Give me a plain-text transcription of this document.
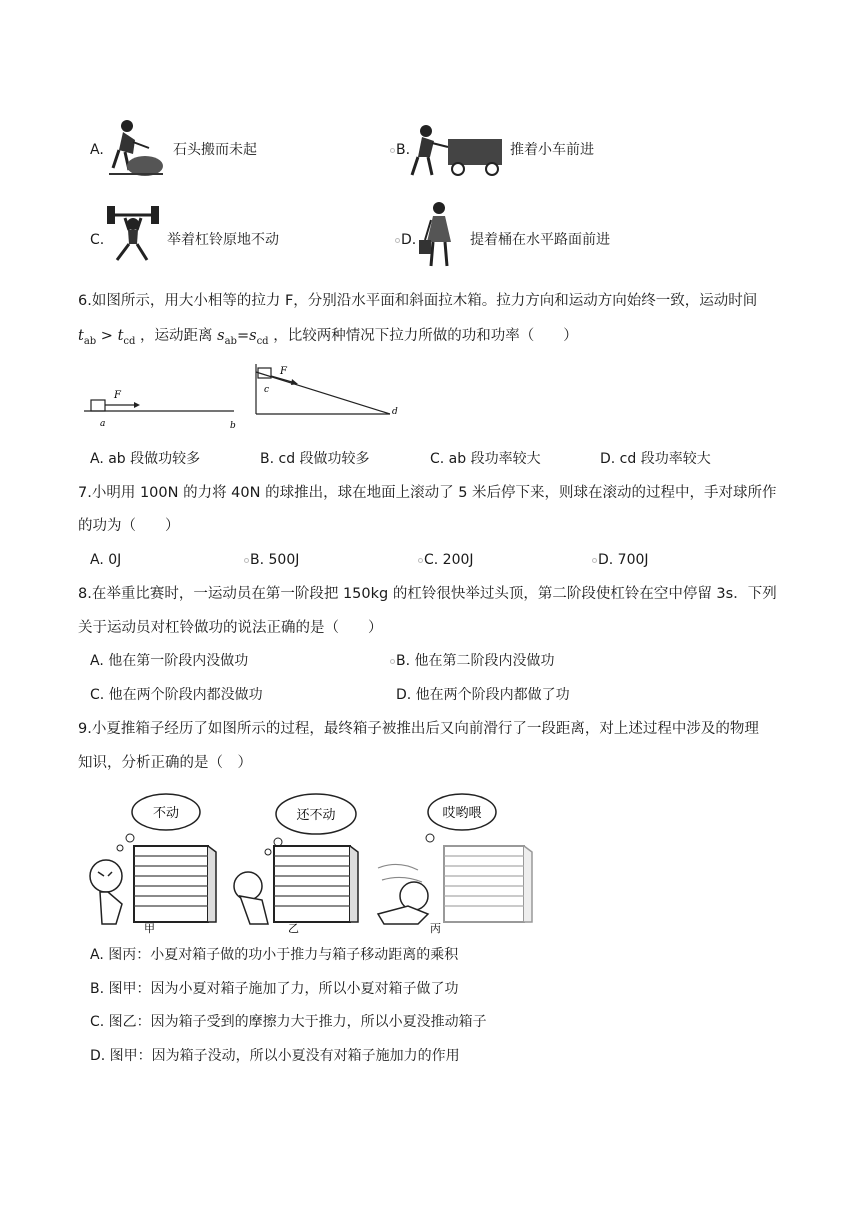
A.	石头搬而未起	B.	推着小车前进
C.	举着杠铃原地不动	D.	提着桶在水平路面前进
6.如图所示，用大小相等的拉力 F，分别沿水平面和斜面拉木箱。拉力方向和运动方向始终一致，运动时间
$t_{ab} > t_{cd}$ ，运动距离 $s_{ab}=s_{cd}$ ，比较两种情况下拉力所做的功和功率（　　）
F
a	b
F
c
d
A. ab 段做功较多	B. cd 段做功较多	C. ab 段功率较大	D. cd 段功率较大
7.小明用 100N 的力将 40N 的球推出，球在地面上滚动了 5 米后停下来，则球在滚动的过程中，手对球所作
的功为（　　）
A. 0J	B. 500J	C. 200J	D. 700J
8.在举重比赛时，一运动员在第一阶段把 150kg 的杠铃很快举过头顶，第二阶段使杠铃在空中停留 3s．下列
关于运动员对杠铃做功的说法正确的是（　　）
A. 他在第一阶段内没做功	B. 他在第二阶段内没做功
C. 他在两个阶段内都没做功	D. 他在两个阶段内都做了功
9.小夏推箱子经历了如图所示的过程，最终箱子被推出后又向前滑行了一段距离，对上述过程中涉及的物理
知识，分析正确的是（　）
不动
甲
还不动
乙
哎哟喂
丙
A. 图丙：小夏对箱子做的功小于推力与箱子移动距离的乘积
B. 图甲：因为小夏对箱子施加了力，所以小夏对箱子做了功
C. 图乙：因为箱子受到的摩擦力大于推力，所以小夏没推动箱子
D. 图甲：因为箱子没动，所以小夏没有对箱子施加力的作用
